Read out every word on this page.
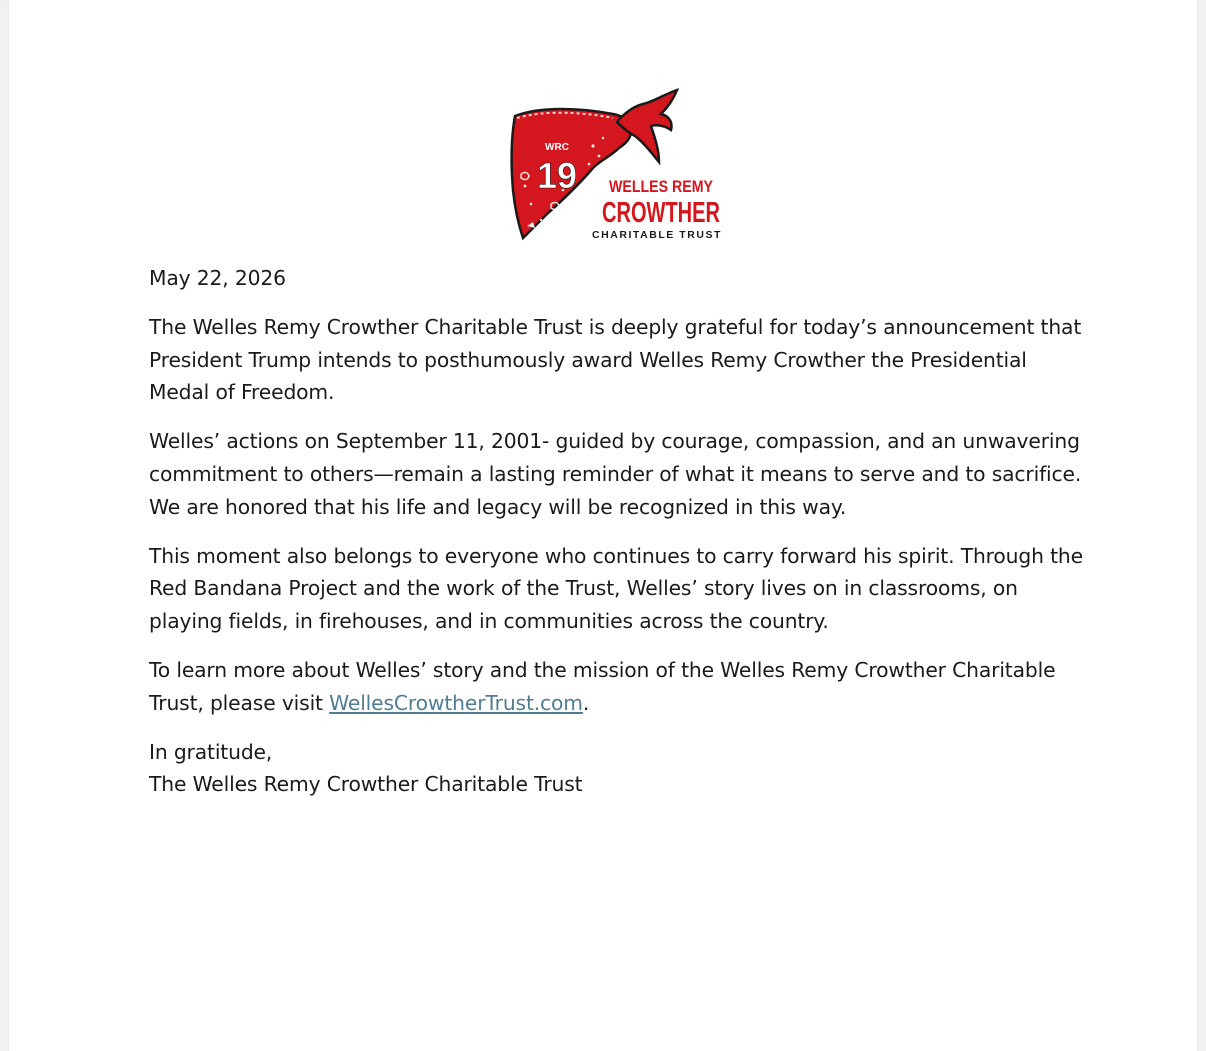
WRC
19 WELLES REMY
CROWTHER
CHARITABLE TRUST

May 22, 2026

The Welles Remy Crowther Charitable Trust is deeply grateful for today’s announcement that President Trump intends to posthumously award Welles Remy Crowther the Presidential Medal of Freedom.

Welles’ actions on September 11, 2001- guided by courage, compassion, and an unwavering commitment to others—remain a lasting reminder of what it means to serve and to sacrifice. We are honored that his life and legacy will be recognized in this way.

This moment also belongs to everyone who continues to carry forward his spirit. Through the Red Bandana Project and the work of the Trust, Welles’ story lives on in classrooms, on playing fields, in firehouses, and in communities across the country.

To learn more about Welles’ story and the mission of the Welles Remy Crowther Charitable Trust, please visit WellesCrowtherTrust.com.

In gratitude,
The Welles Remy Crowther Charitable Trust
